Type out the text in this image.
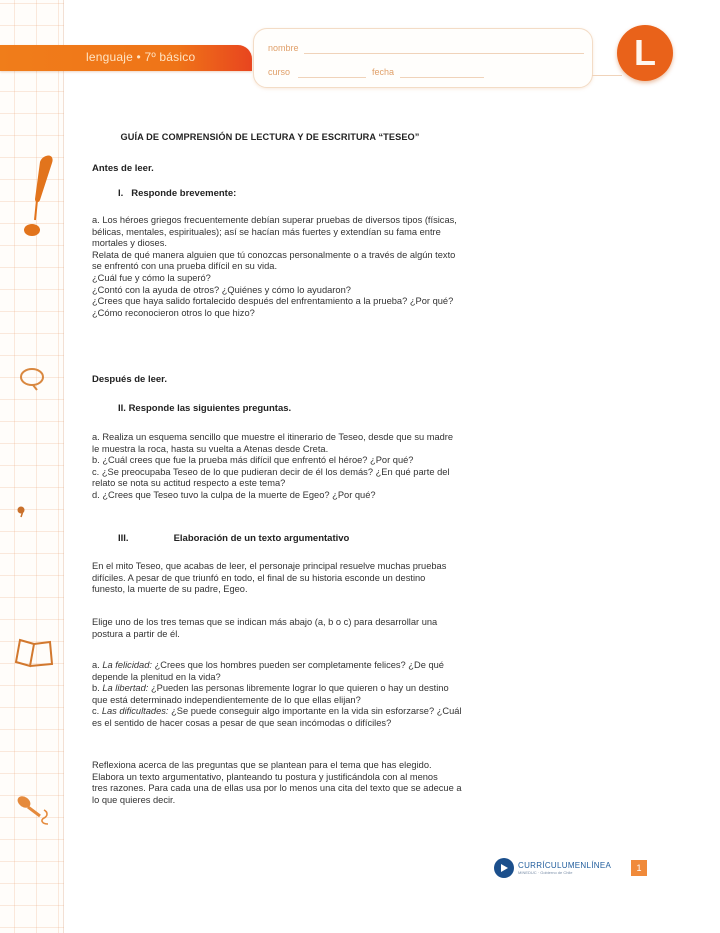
lenguaje • 7º básico
nombre
curso	fecha	L
GUÍA DE COMPRENSIÓN DE LECTURA Y DE ESCRITURA “TESEO”
Antes de leer.
I. Responde brevemente:
a. Los héroes griegos frecuentemente debían superar pruebas de diversos tipos (físicas,
bélicas, mentales, espirituales); así se hacían más fuertes y extendían su fama entre
mortales y dioses.
Relata de qué manera alguien que tú conozcas personalmente o a través de algún texto
se enfrentó con una prueba difícil en su vida.
¿Cuál fue y cómo la superó?
¿Contó con la ayuda de otros? ¿Quiénes y cómo lo ayudaron?
¿Crees que haya salido fortalecido después del enfrentamiento a la prueba? ¿Por qué?
¿Cómo reconocieron otros lo que hizo?
Después de leer.
II. Responde las siguientes preguntas.
a. Realiza un esquema sencillo que muestre el itinerario de Teseo, desde que su madre
le muestra la roca, hasta su vuelta a Atenas desde Creta.
b. ¿Cuál crees que fue la prueba más difícil que enfrentó el héroe? ¿Por qué?
c. ¿Se preocupaba Teseo de lo que pudieran decir de él los demás? ¿En qué parte del
relato se nota su actitud respecto a este tema?
d. ¿Crees que Teseo tuvo la culpa de la muerte de Egeo? ¿Por qué?
III.	Elaboración de un texto argumentativo
En el mito Teseo, que acabas de leer, el personaje principal resuelve muchas pruebas
difíciles. A pesar de que triunfó en todo, el final de su historia esconde un destino
funesto, la muerte de su padre, Egeo.
Elige uno de los tres temas que se indican más abajo (a, b o c) para desarrollar una
postura a partir de él.
a. La felicidad: ¿Crees que los hombres pueden ser completamente felices? ¿De qué
depende la plenitud en la vida?
b. La libertad: ¿Pueden las personas libremente lograr lo que quieren o hay un destino
que está determinado independientemente de lo que ellas elijan?
c. Las dificultades: ¿Se puede conseguir algo importante en la vida sin esforzarse? ¿Cuál
es el sentido de hacer cosas a pesar de que sean incómodas o difíciles?
Reflexiona acerca de las preguntas que se plantean para el tema que has elegido.
Elabora un texto argumentativo, planteando tu postura y justificándola con al menos
tres razones. Para cada una de ellas usa por lo menos una cita del texto que se adecue a
lo que quieres decir.
CURRÍCULUMENLÍNEA
MINEDUC · Gobierno de Chile	1
